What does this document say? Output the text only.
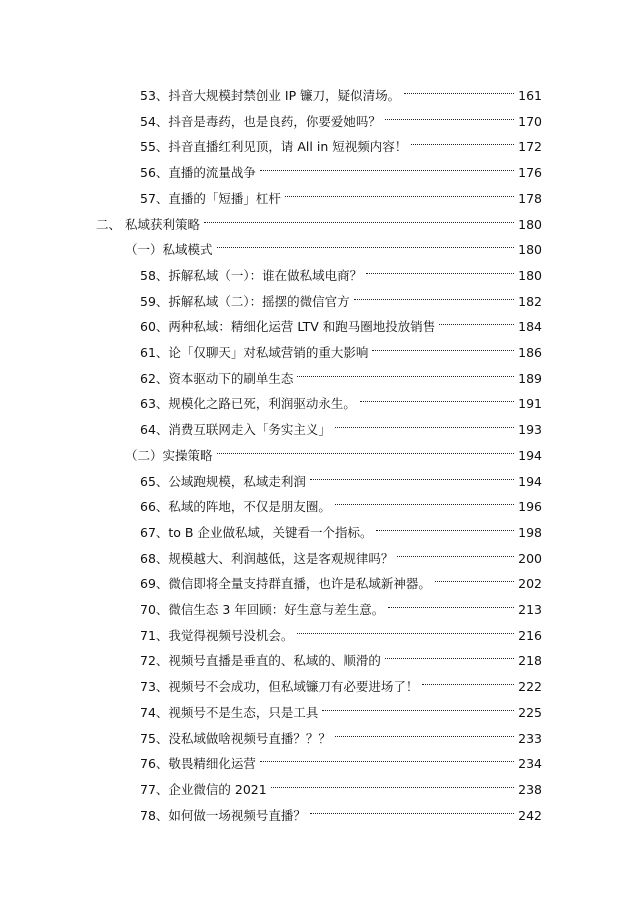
53、抖音大规模封禁创业 IP 镰刀，疑似清场。	161
54、抖音是毒药，也是良药，你要爱她吗？	170
55、抖音直播红利见顶，请 All in 短视频内容！	172
56、直播的流量战争	176
57、直播的「短播」杠杆	178
二、 私域获利策略	180
（一）私域模式	180
58、拆解私域（一）：谁在做私域电商？	180
59、拆解私域（二）：摇摆的微信官方	182
60、两种私域：精细化运营 LTV 和跑马圈地投放销售	184
61、论「仅聊天」对私域营销的重大影响	186
62、资本驱动下的刷单生态	189
63、规模化之路已死，利润驱动永生。	191
64、消费互联网走入「务实主义」	193
（二）实操策略	194
65、公域跑规模，私域走利润	194
66、私域的阵地，不仅是朋友圈。	196
67、to B 企业做私域，关键看一个指标。	198
68、规模越大、利润越低，这是客观规律吗？	200
69、微信即将全量支持群直播，也许是私域新神器。	202
70、微信生态 3 年回顾：好生意与差生意。	213
71、我觉得视频号没机会。	216
72、视频号直播是垂直的、私域的、顺滑的	218
73、视频号不会成功，但私域镰刀有必要进场了！	222
74、视频号不是生态，只是工具	225
75、没私域做啥视频号直播？？？	233
76、敬畏精细化运营	234
77、企业微信的 2021	238
78、如何做一场视频号直播？	242
